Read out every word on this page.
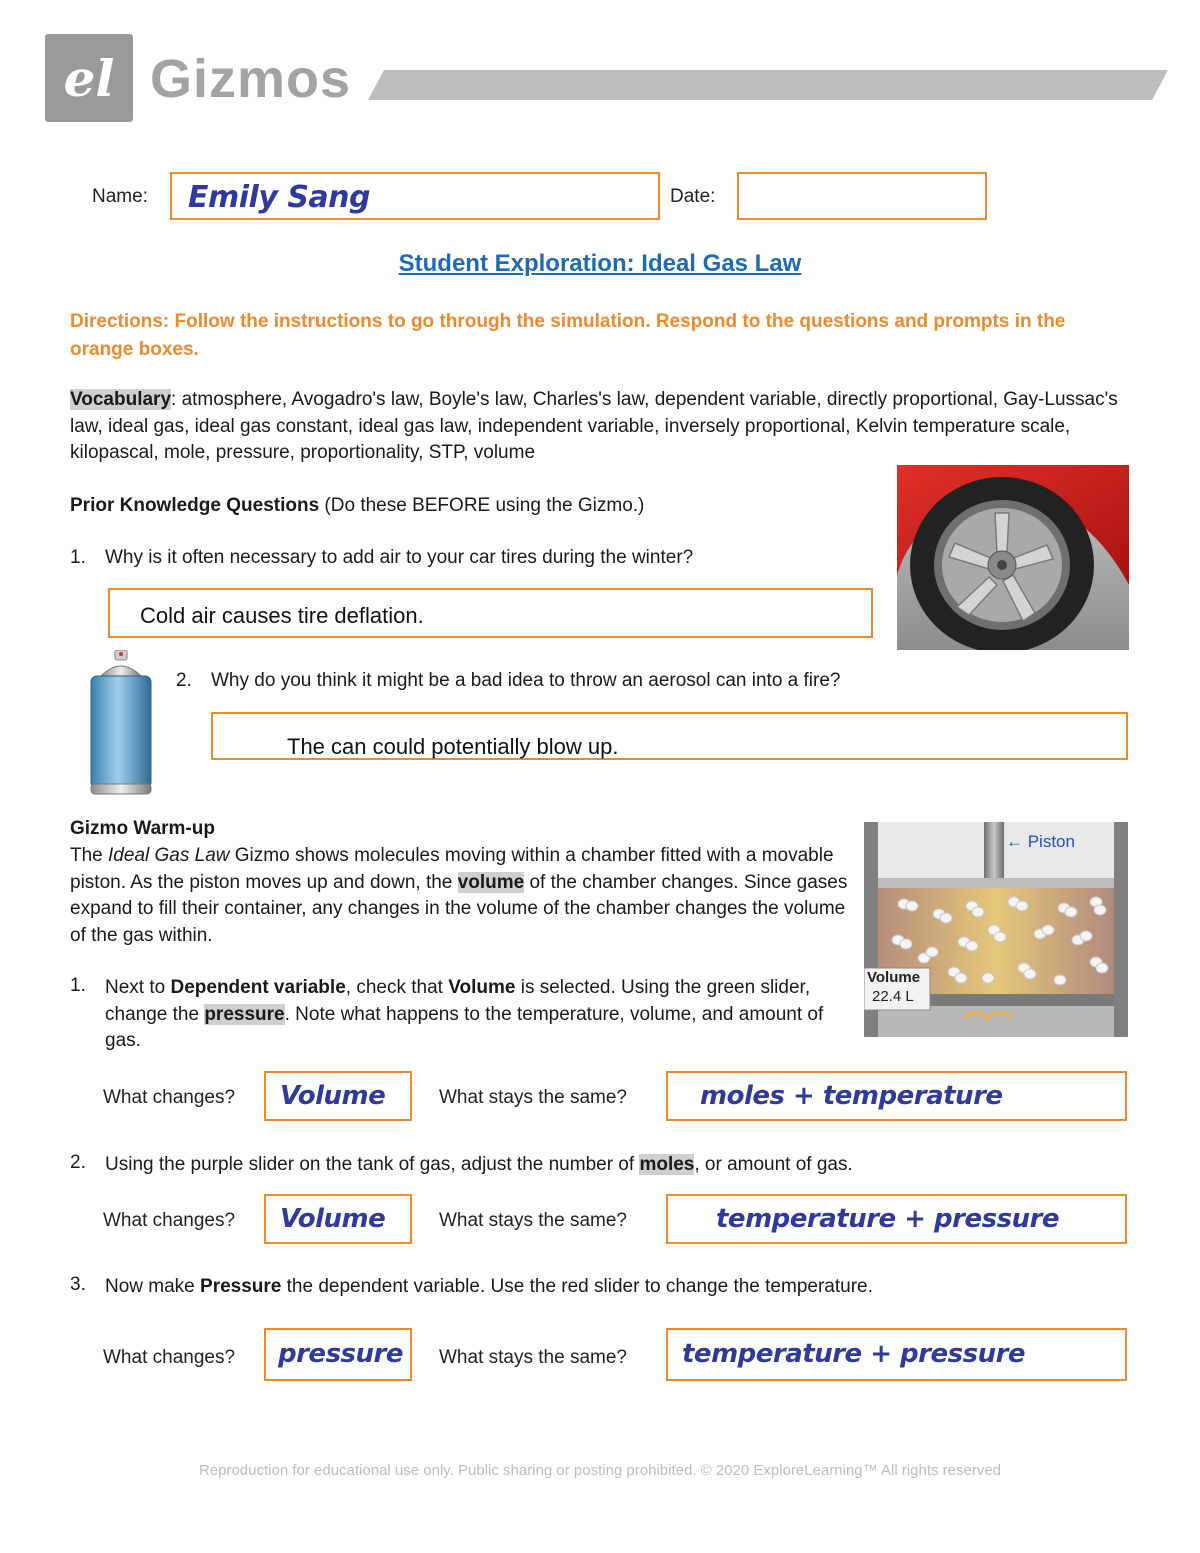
el Gizmos
Name: Emily Sang	Date:
Student Exploration: Ideal Gas Law
Directions: Follow the instructions to go through the simulation. Respond to the questions and prompts in the orange boxes.
Vocabulary: atmosphere, Avogadro's law, Boyle's law, Charles's law, dependent variable, directly proportional, Gay-Lussac's law, ideal gas, ideal gas constant, ideal gas law, independent variable, inversely proportional, Kelvin temperature scale, kilopascal, mole, pressure, proportionality, STP, volume
Prior Knowledge Questions (Do these BEFORE using the Gizmo.)
1. Why is it often necessary to add air to your car tires during the winter?
Cold air causes tire deflation.
2. Why do you think it might be a bad idea to throw an aerosol can into a fire?
The can could potentially blow up.
Gizmo Warm-up
The Ideal Gas Law Gizmo shows molecules moving within a chamber fitted with a movable piston. As the piston moves up and down, the volume of the chamber changes. Since gases expand to fill their container, any changes in the volume of the chamber changes the volume of the gas within.
← Piston
Volume
22.4 L
1. Next to Dependent variable, check that Volume is selected. Using the green slider, change the pressure. Note what happens to the temperature, volume, and amount of gas.
What changes? Volume	What stays the same?	moles + temperature
2. Using the purple slider on the tank of gas, adjust the number of moles, or amount of gas.
What changes? Volume	What stays the same?	temperature + pressure
3. Now make Pressure the dependent variable. Use the red slider to change the temperature.
What changes? pressure What stays the same? temperature + pressure
Reproduction for educational use only. Public sharing or posting prohibited. © 2020 ExploreLearning™ All rights reserved
